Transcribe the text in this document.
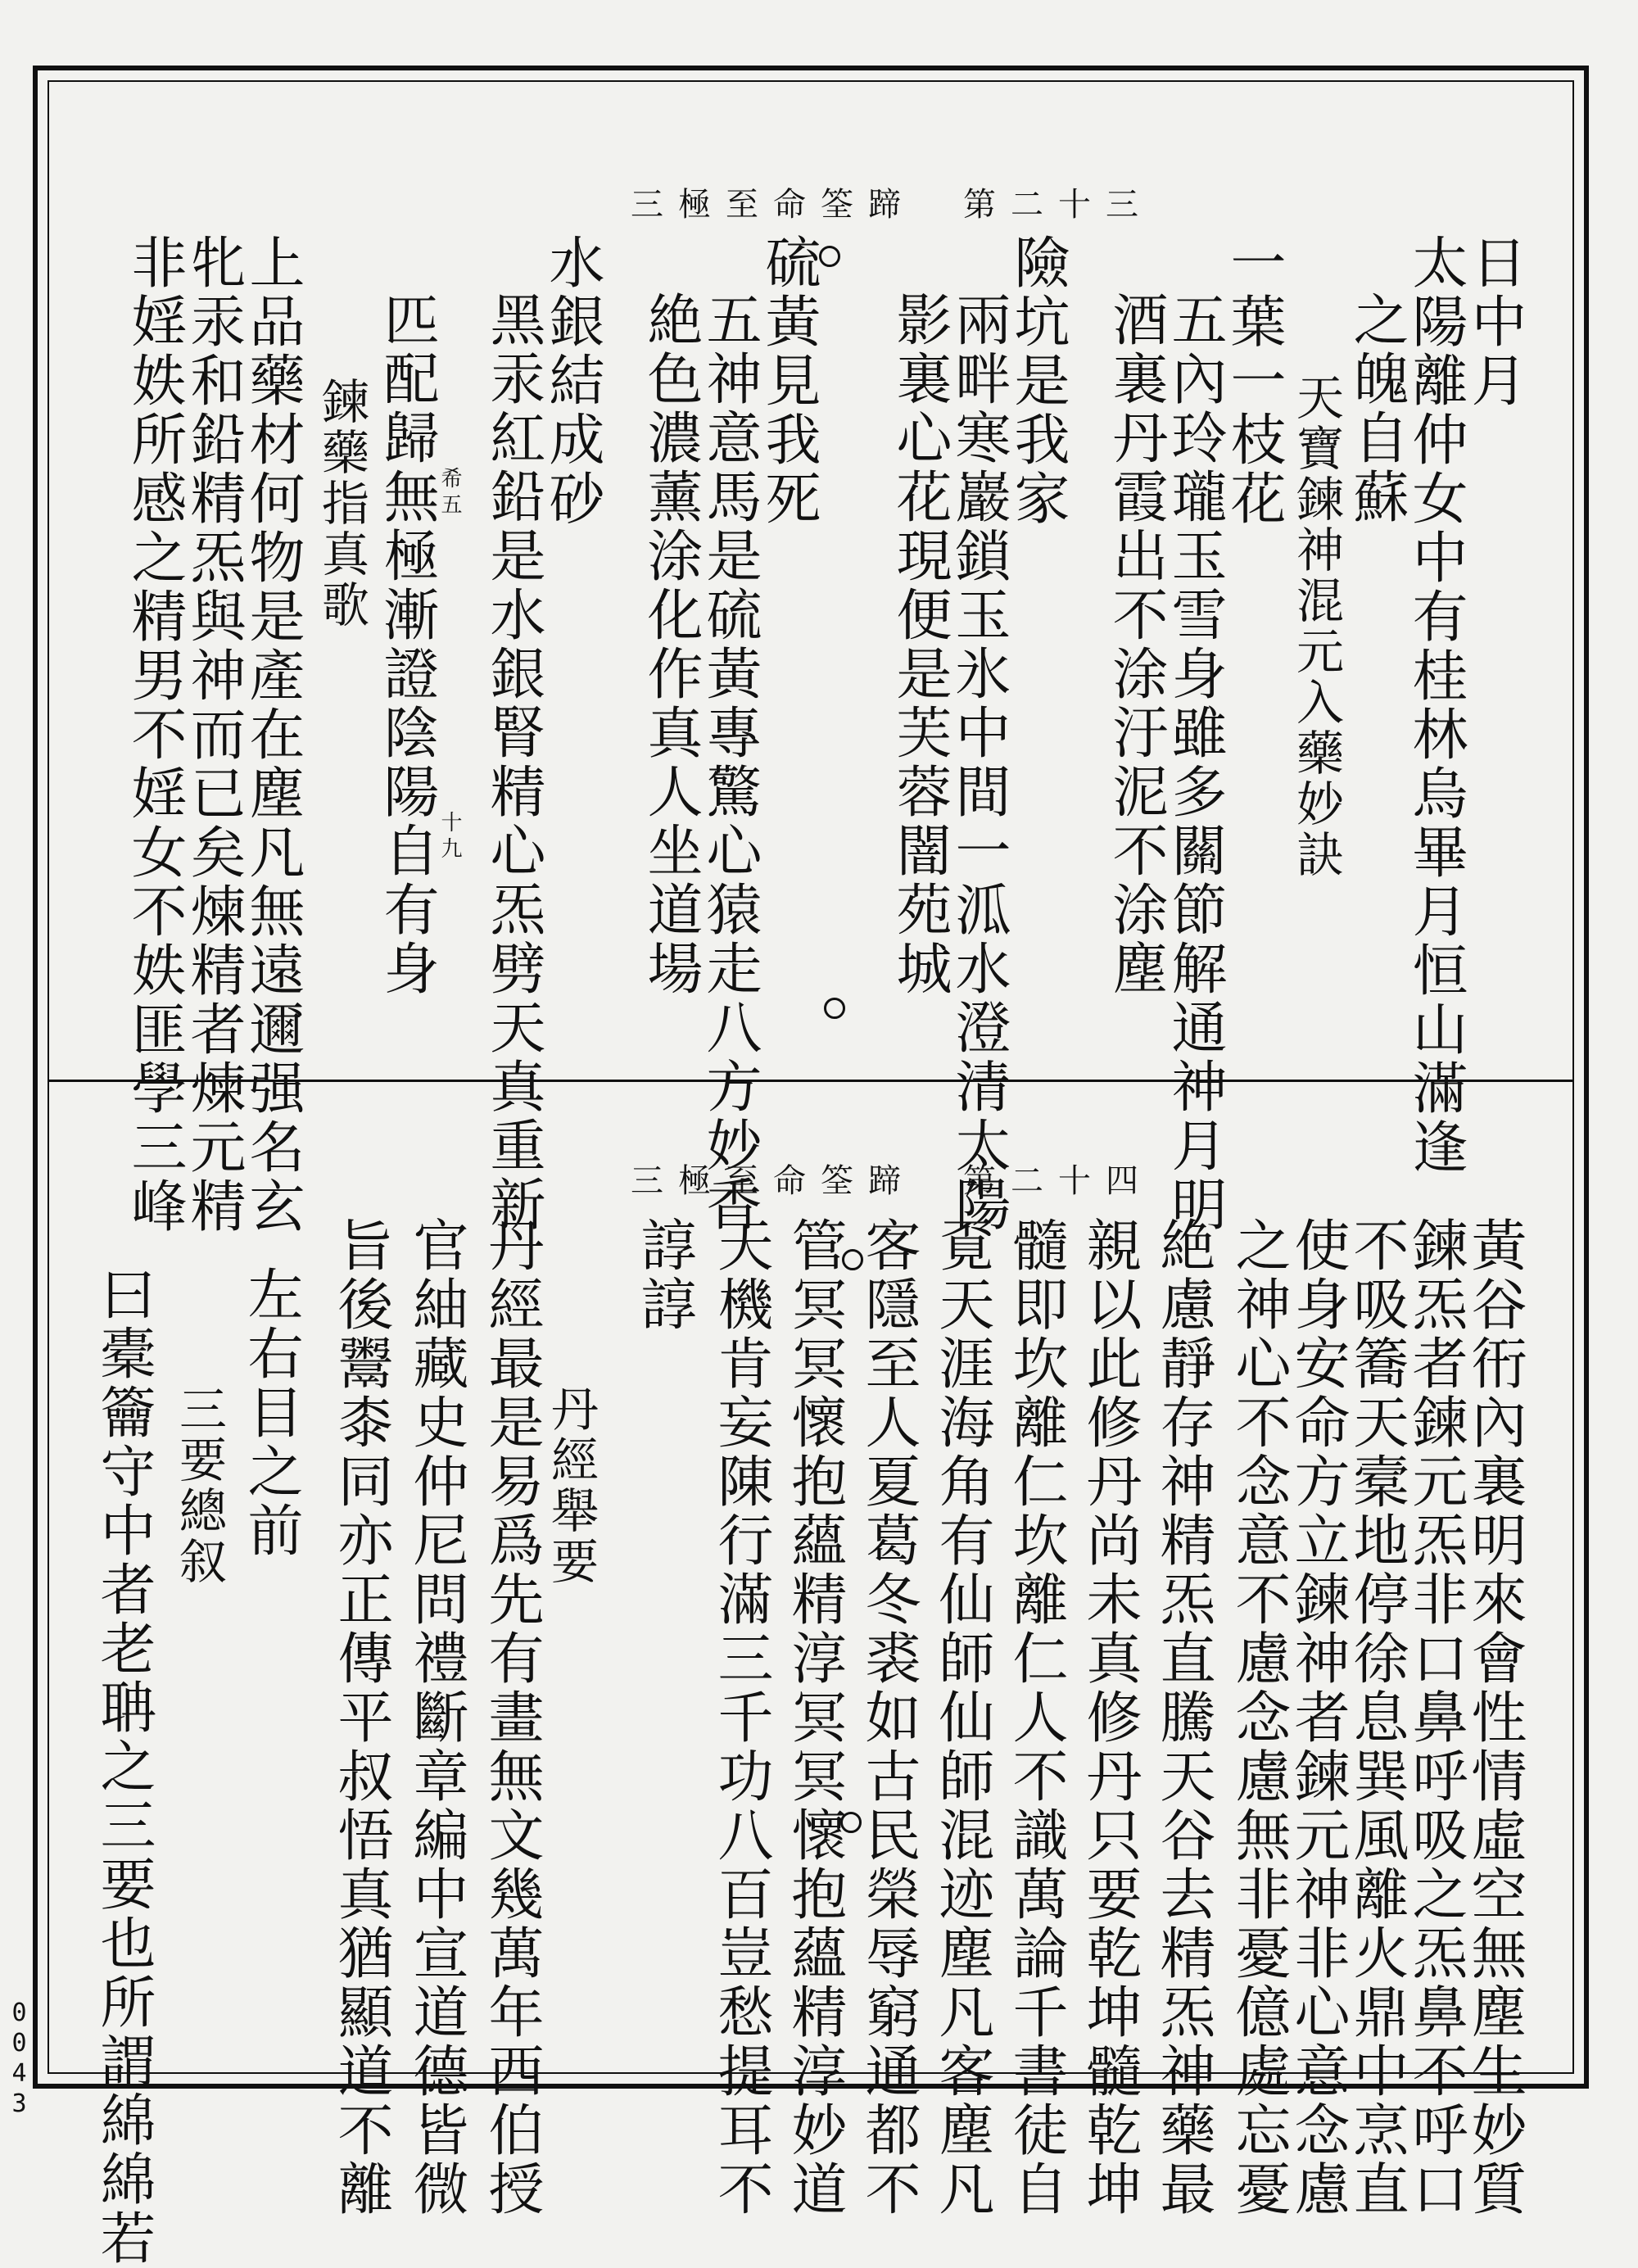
三極至命筌蹄　第二十三
日中月
太陽離仲女中有桂林烏畢月恒山滿逢
之魄自蘇
天寶鍊神混元入藥妙訣
一葉一枝花
五內玲瓏玉雪身雖多關節解通神月明
酒裏丹霞出不涂汙泥不涂塵
險坑是我家
兩畔寒巖鎖玉氷中間一泒水澄清太陽
影裏心花現便是芙蓉闇苑城
硫黃見我死
五神意馬是硫黃專驚心猿走八方妙香
絶色濃薰涂化作真人坐道場
水銀結成砂
黑汞紅鉛是水銀腎精心炁劈天真重新
匹配歸無極漸證陰陽自有身
鍊藥指真歌
上品藥材何物是產在塵凡無遠邇强名玄
牝汞和鉛精炁與神而已矣煉精者煉元精
非婬妷所感之精男不婬女不妷匪學三峰	希五
十九
三極至命筌蹄　第二十四
黃谷衎內裏明來會性情虛空無塵生妙質
鍊炁者鍊元炁非口鼻呼吸之炁鼻不呼口
不吸簥天槖地停徐息巽風離火鼎中烹直
使身安命方立鍊神者鍊元神非心意念慮
之神心不念意不慮念慮無非憂億處忘憂
絶慮靜存神精炁直騰天谷去精炁神藥最
親以此修丹尚未真修丹只要乾坤髓乾坤
髓即坎離仁坎離仁人不識萬論千書徒自
覔天涯海角有仙師仙師混迹塵凡客塵凡
客隱至人夏葛冬裘如古民榮辱窮通都不
管冥冥懷抱蘊精淳冥冥懷抱蘊精淳妙道
天機肯妄陳行滿三千功八百豈愁提耳不
諄諄
丹經舉要
丹經最是易爲先有畫無文幾萬年西伯授
官紬藏史仲尼問禮斷章編中宣道德皆微
旨後鬻桼同亦正傳平叔悟真猶顯道不離
左右目之前
三要總叙
曰橐籥守中者老聃之三要也所謂綿綿若
0043
